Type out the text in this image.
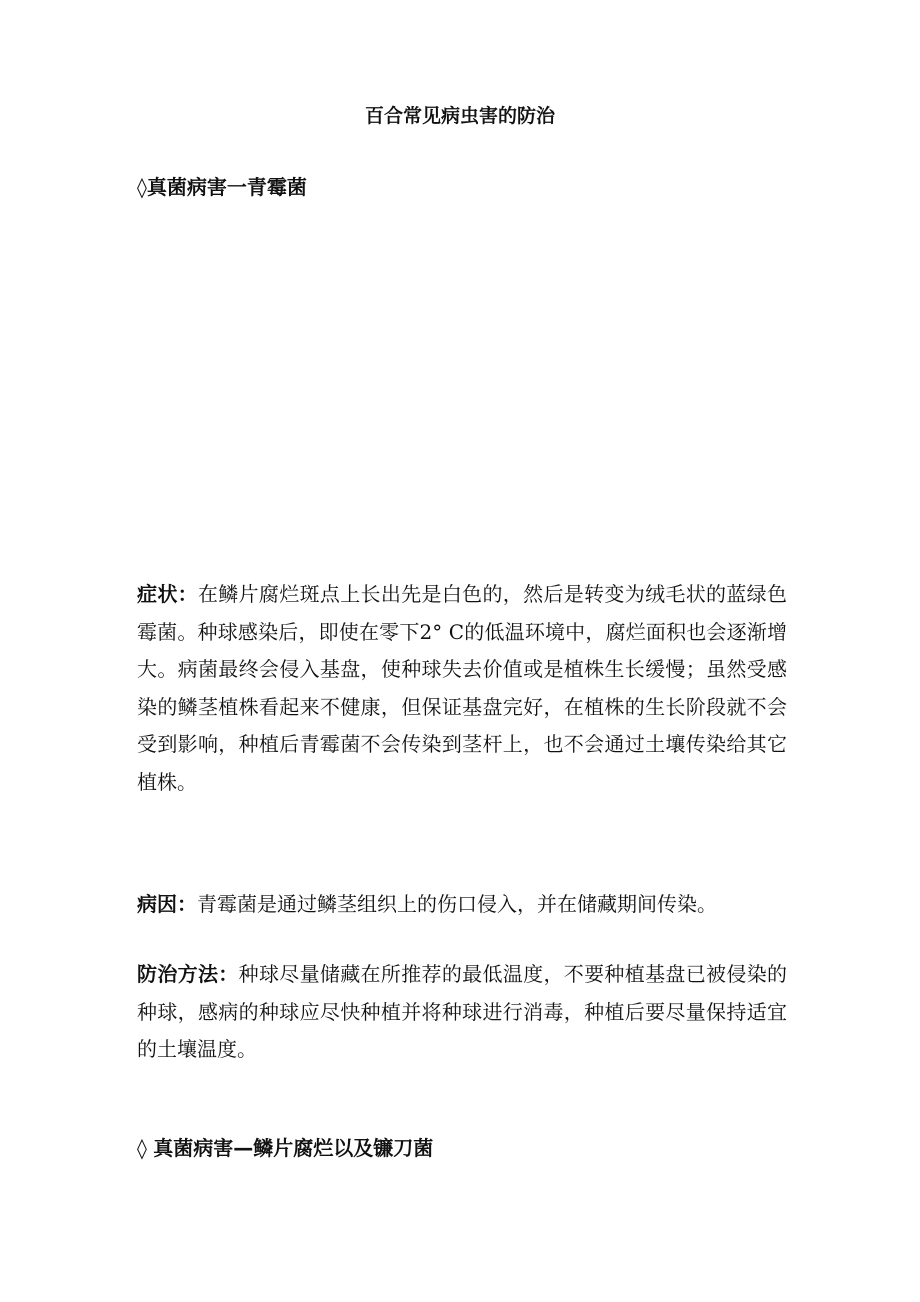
百合常见病虫害的防治
◊真菌病害一青霉菌

症状：在鳞片腐烂斑点上长出先是白色的，然后是转变为绒毛状的蓝绿色霉菌。种球感染后，即使在零下2° C的低温环境中，腐烂面积也会逐渐增大。病菌最终会侵入基盘，使种球失去价值或是植株生长缓慢；虽然受感染的鳞茎植株看起来不健康，但保证基盘完好，在植株的生长阶段就不会受到影响，种植后青霉菌不会传染到茎杆上，也不会通过土壤传染给其它植株。

病因：青霉菌是通过鳞茎组织上的伤口侵入，并在储藏期间传染。

防治方法：种球尽量储藏在所推荐的最低温度，不要种植基盘已被侵染的种球，感病的种球应尽快种植并将种球进行消毒，种植后要尽量保持适宜的土壤温度。

◊ 真菌病害—鳞片腐烂以及镰刀菌
